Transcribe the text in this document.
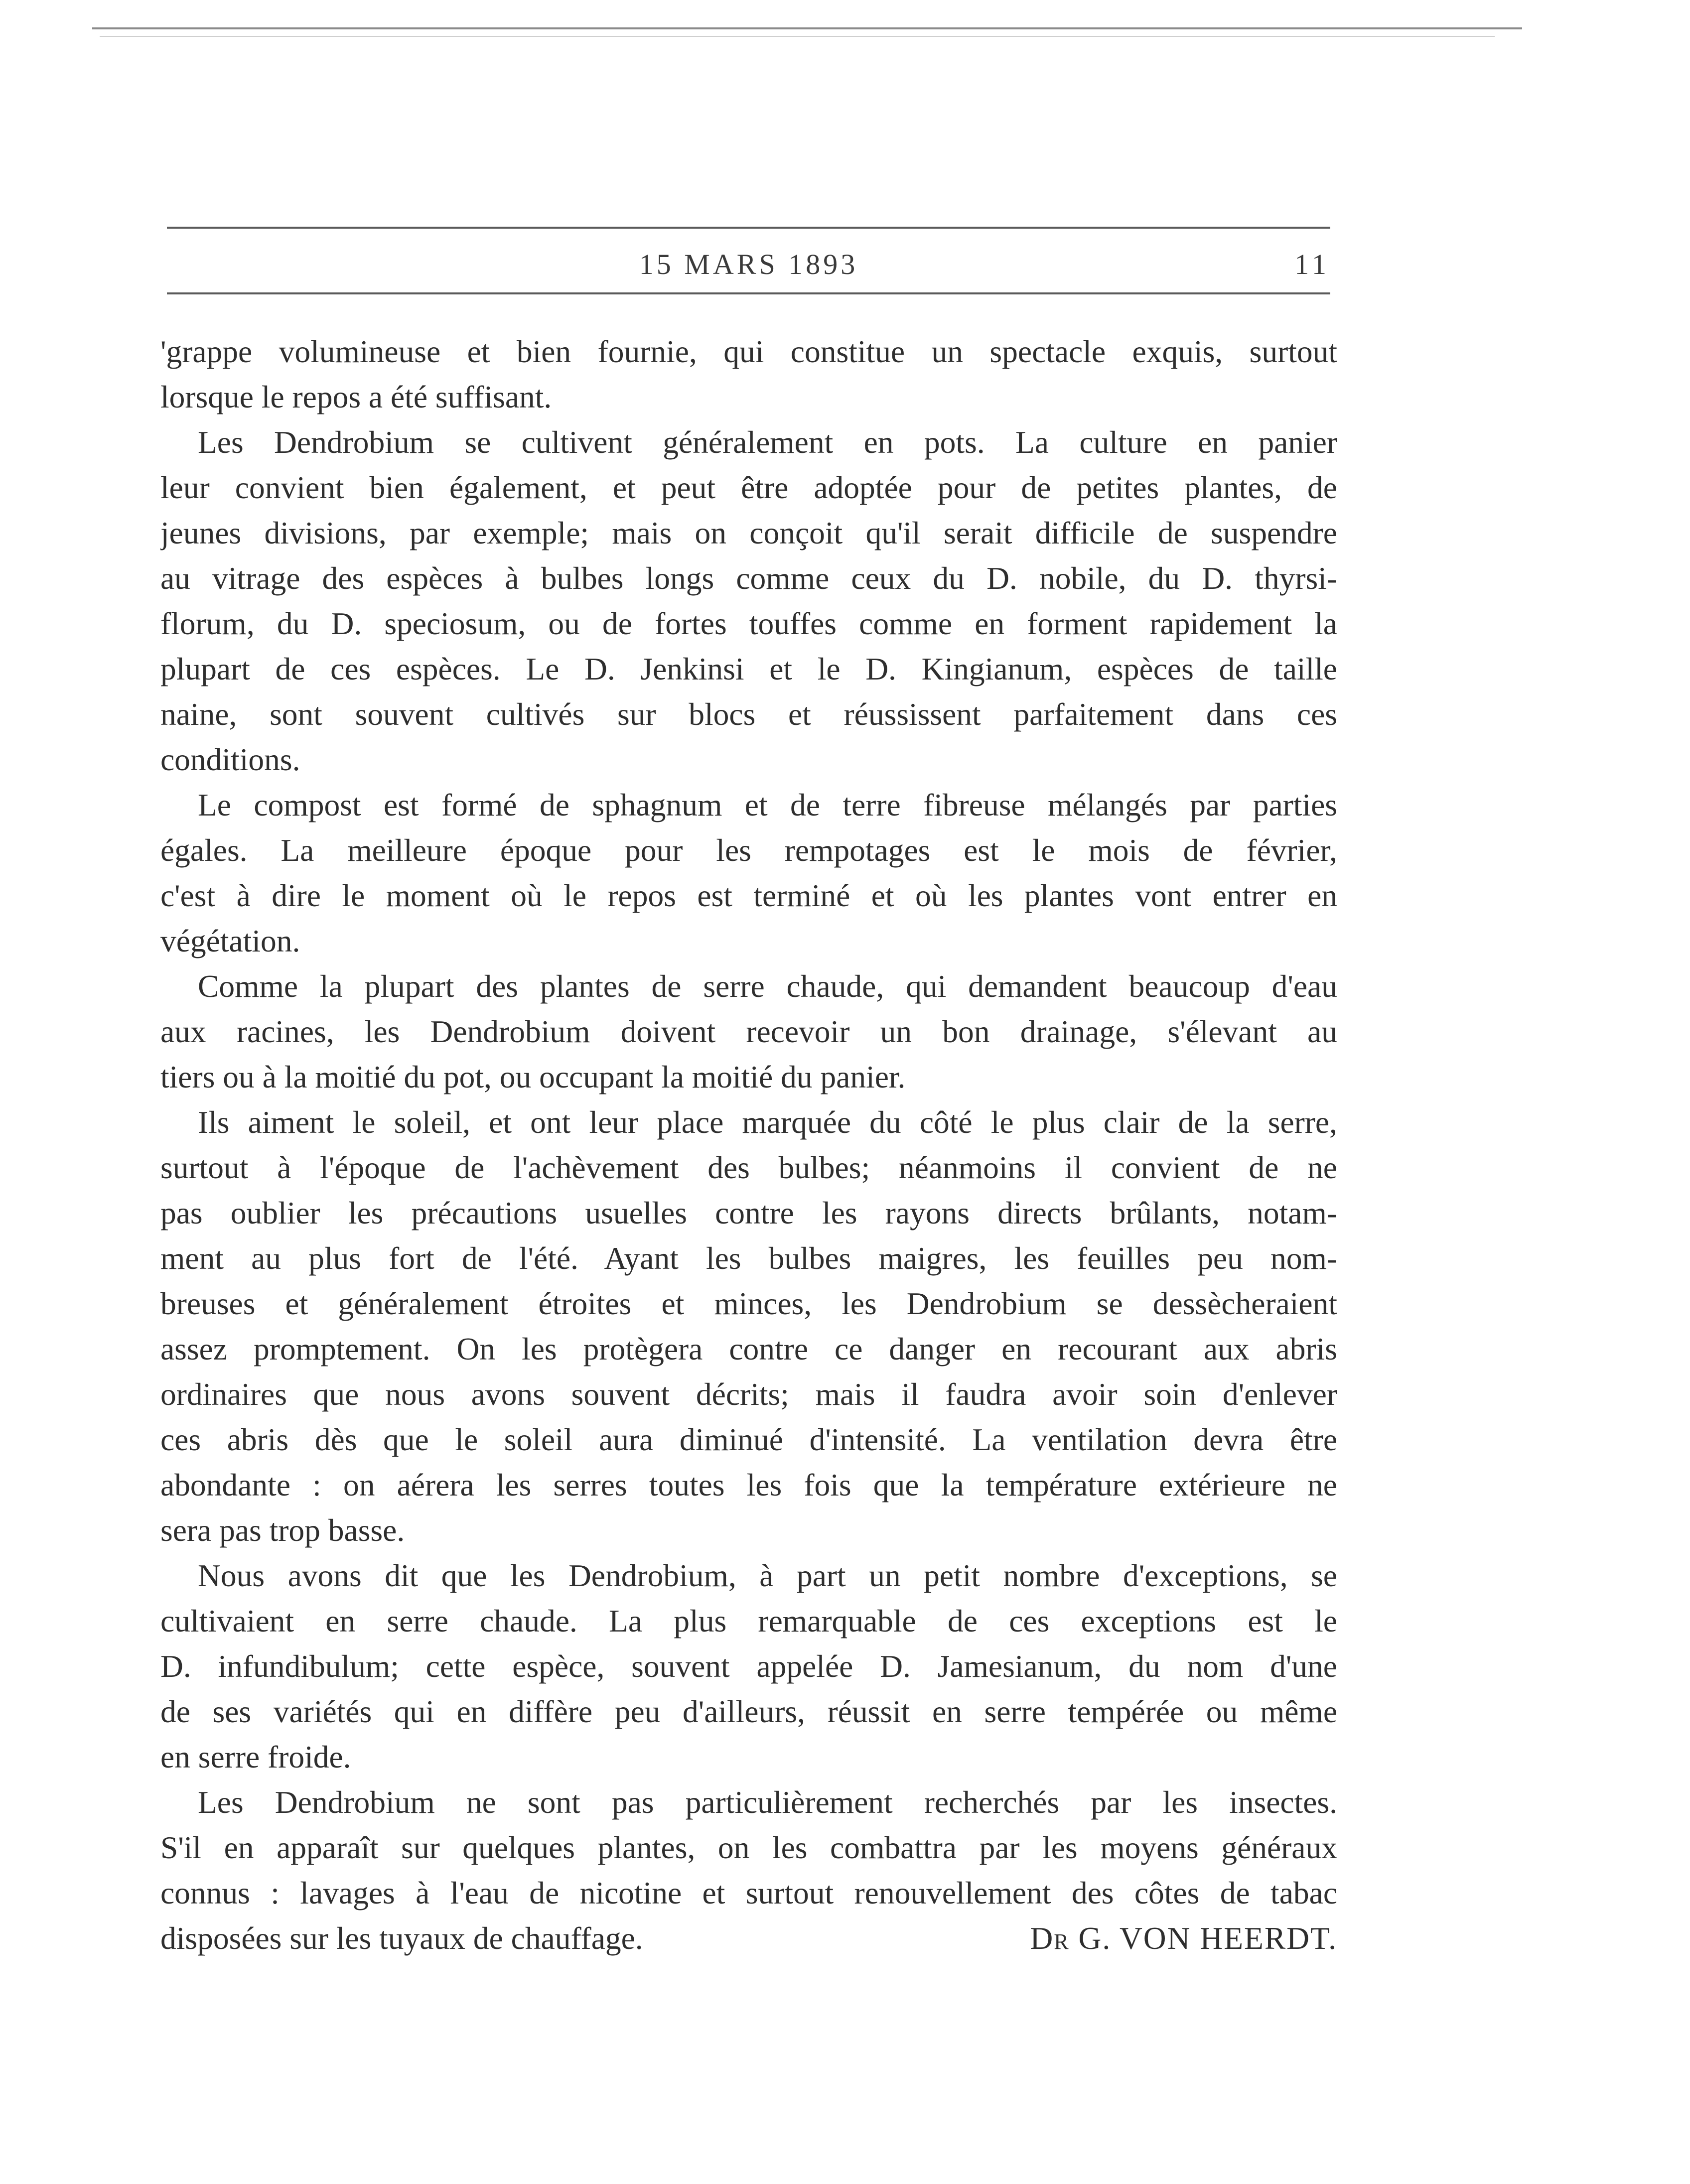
15 MARS 1893	11
'grappe volumineuse et bien fournie, qui constitue un spectacle exquis, surtout
lorsque le repos a été suffisant.
Les Dendrobium se cultivent généralement en pots. La culture en panier
leur convient bien également, et peut être adoptée pour de petites plantes, de
jeunes divisions, par exemple; mais on conçoit qu'il serait difficile de suspendre
au vitrage des espèces à bulbes longs comme ceux du D. nobile, du D. thyrsi-
florum, du D. speciosum, ou de fortes touffes comme en forment rapidement la
plupart de ces espèces. Le D. Jenkinsi et le D. Kingianum, espèces de taille
naine, sont souvent cultivés sur blocs et réussissent parfaitement dans ces
conditions.
Le compost est formé de sphagnum et de terre fibreuse mélangés par parties
égales. La meilleure époque pour les rempotages est le mois de février,
c'est à dire le moment où le repos est terminé et où les plantes vont entrer en
végétation.
Comme la plupart des plantes de serre chaude, qui demandent beaucoup d'eau
aux racines, les Dendrobium doivent recevoir un bon drainage, s'élevant au
tiers ou à la moitié du pot, ou occupant la moitié du panier.
Ils aiment le soleil, et ont leur place marquée du côté le plus clair de la serre,
surtout à l'époque de l'achèvement des bulbes; néanmoins il convient de ne
pas oublier les précautions usuelles contre les rayons directs brûlants, notam-
ment au plus fort de l'été. Ayant les bulbes maigres, les feuilles peu nom-
breuses et généralement étroites et minces, les Dendrobium se dessècheraient
assez promptement. On les protègera contre ce danger en recourant aux abris
ordinaires que nous avons souvent décrits; mais il faudra avoir soin d'enlever
ces abris dès que le soleil aura diminué d'intensité. La ventilation devra être
abondante : on aérera les serres toutes les fois que la température extérieure ne
sera pas trop basse.
Nous avons dit que les Dendrobium, à part un petit nombre d'exceptions, se
cultivaient en serre chaude. La plus remarquable de ces exceptions est le
D. infundibulum; cette espèce, souvent appelée D. Jamesianum, du nom d'une
de ses variétés qui en diffère peu d'ailleurs, réussit en serre tempérée ou même
en serre froide.
Les Dendrobium ne sont pas particulièrement recherchés par les insectes.
S'il en apparaît sur quelques plantes, on les combattra par les moyens généraux
connus : lavages à l'eau de nicotine et surtout renouvellement des côtes de tabac
disposées sur les tuyaux de chauffage.	Dr G. VON HEERDT.
